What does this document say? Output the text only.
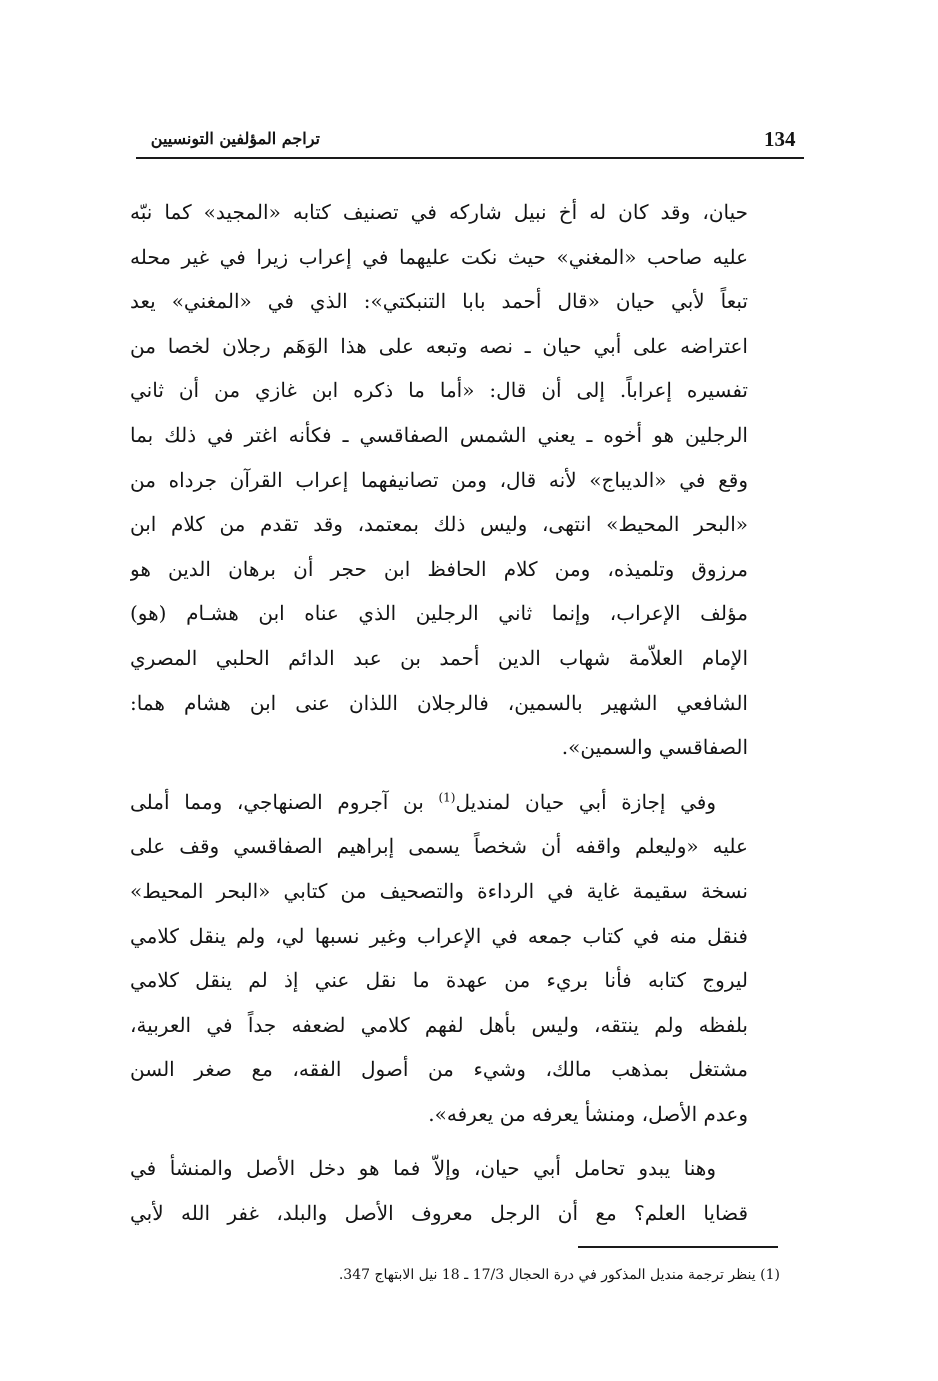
134
تراجم المؤلفين التونسيين
حيان، وقد كان له أخ نبيل شاركه في تصنيف كتابه «المجيد» كما نبّه
عليه صاحب «المغني» حيث نكت عليهما في إعراب زيرا في غير محله
تبعاً لأبي حيان «قال أحمد بابا التنبكتي»: الذي في «المغني» يعد
اعتراضه على أبي حيان ـ نصه وتبعه على هذا الوَهَم رجلان لخصا من
تفسيره إعراباً. إلى أن قال: «أما ما ذكره ابن غازي من أن ثاني
الرجلين هو أخوه ـ يعني الشمس الصفاقسي ـ فكأنه اغتر في ذلك بما
وقع في «الديباج» لأنه قال، ومن تصانيفهما إعراب القرآن جرداه من
«البحر المحيط» انتهى، وليس ذلك بمعتمد، وقد تقدم من كلام ابن
مرزوق وتلميذه، ومن كلام الحافظ ابن حجر أن برهان الدين هو
مؤلف الإعراب، وإنما ثاني الرجلين الذي عناه ابن هشـام (هو)
الإمام العلاّمة شهاب الدين أحمد بن عبد الدائم الحلبي المصري
الشافعي الشهير بالسمين، فالرجلان اللذان عنى ابن هشام هما:
الصفاقسي والسمين».
وفي إجازة أبي حيان لمنديل$^{(1)}$ بن آجروم الصنهاجي، ومما أملى
عليه «وليعلم واقفه أن شخصاً يسمى إبراهيم الصفاقسي وقف على
نسخة سقيمة غاية في الرداءة والتصحيف من كتابي «البحر المحيط»
فنقل منه في كتاب جمعه في الإعراب وغير نسبها لي، ولم ينقل كلامي
ليروج كتابه فأنا بريء من عهدة ما نقل عني إذ لم ينقل كلامي
بلفظه ولم ينتقه، وليس بأهل لفهم كلامي لضعفه جداً في العربية،
مشتغل بمذهب مالك، وشيء من أصول الفقه، مع صغر السن
وعدم الأصل، ومنشأ يعرفه من يعرفه».
وهنا يبدو تحامل أبي حيان، وإلاّ فما هو دخل الأصل والمنشأ في
قضايا العلم؟ مع أن الرجل معروف الأصل والبلد، غفر الله لأبي
(1) ينظر ترجمة منديل المذكور في درة الحجال 17/3 ـ 18 نيل الابتهاج 347.
